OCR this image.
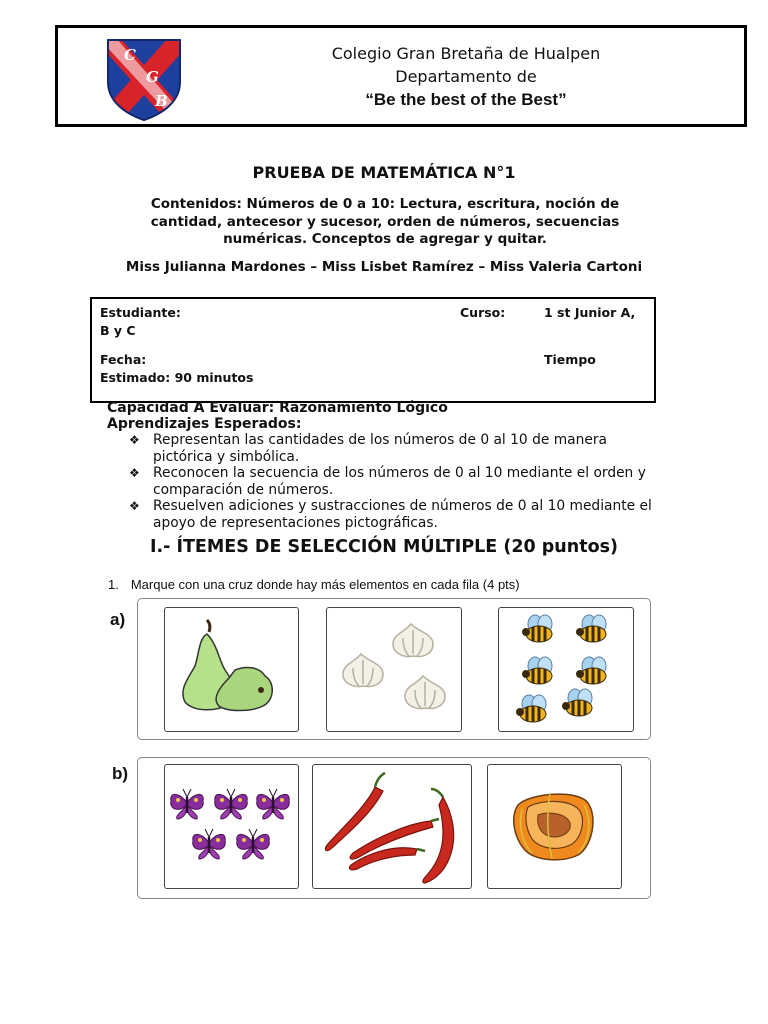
C
G
B
Colegio Gran Bretaña de Hualpen
Departamento de
“Be the best of the Best”
PRUEBA DE MATEMÁTICA N°1
Contenidos: Números de 0 a 10: Lectura, escritura, noción de cantidad, antecesor y sucesor, orden de números, secuencias numéricas. Conceptos de agregar y quitar.
Miss Julianna Mardones – Miss Lisbet Ramírez – Miss Valeria Cartoni
Estudiante:	Curso:	1 st Junior A,
B y C
Fecha:	Tiempo
Estimado: 90 minutos
Capacidad A Evaluar: Razonamiento Lógico
Aprendizajes Esperados:
❖ Representan las cantidades de los números de 0 al 10 de manera pictórica y simbólica.
❖ Reconocen la secuencia de los números de 0 al 10 mediante el orden y comparación de números.
❖ Resuelven adiciones y sustracciones de números de 0 al 10 mediante el apoyo de representaciones pictográficas.
I.- ÍTEMES DE SELECCIÓN MÚLTIPLE (20 puntos)
1. Marque con una cruz donde hay más elementos en cada fila (4 pts)
a)
b)
